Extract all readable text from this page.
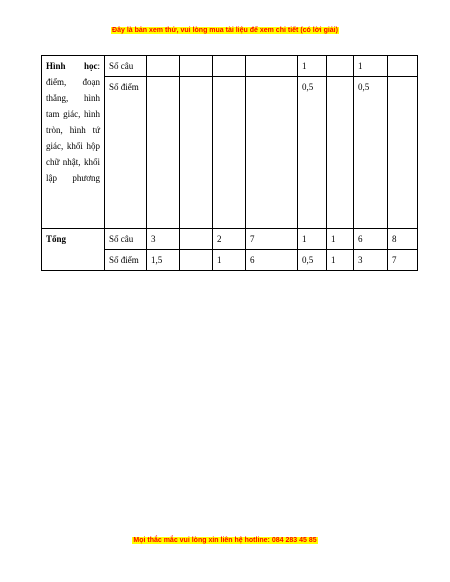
Đây là bản xem thử, vui lòng mua tài liệu để xem chi tiết (có lời giải)
Hình học: điểm, đoạn thẳng, hình tam giác, hình tròn, hình tứ giác, khối hộp chữ nhật, khối lập phương	Số câu					1		1	
	Số điểm					0,5		0,5	
Tổng	Số câu	3		2	7	1	1	6	8
	Số điểm	1,5		1	6	0,5	1	3	7
Mọi thắc mắc vui lòng xin liên hệ hotline: 084 283 45 85
